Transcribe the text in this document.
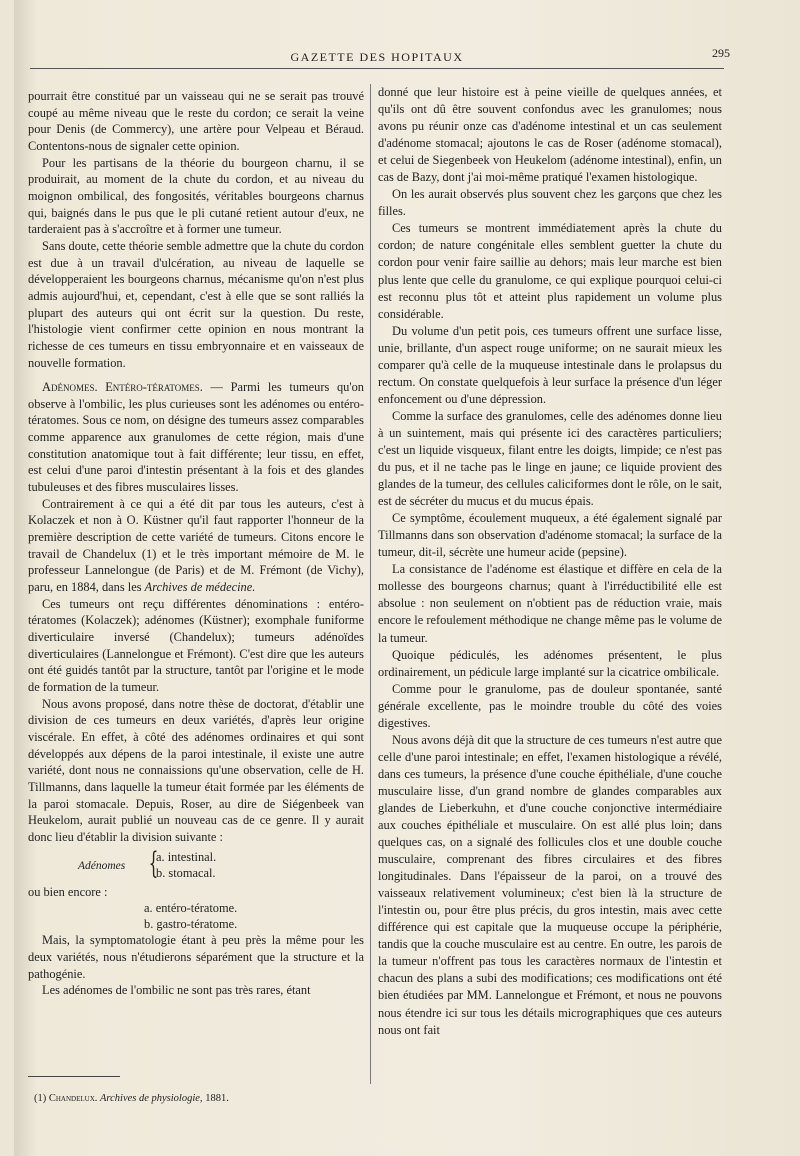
GAZETTE DES HOPITAUX	295

pourrait être constitué par un vaisseau qui ne se serait pas trouvé coupé au même niveau que le reste du cordon; ce serait la veine pour Denis (de Commercy), une artère pour Velpeau et Béraud. Contentons-nous de signaler cette opinion.

Pour les partisans de la théorie du bourgeon charnu, il se produirait, au moment de la chute du cordon, et au niveau du moignon ombilical, des fongosités, véritables bourgeons charnus qui, baignés dans le pus que le pli cutané retient autour d'eux, ne tarderaient pas à s'accroître et à former une tumeur.

Sans doute, cette théorie semble admettre que la chute du cordon est due à un travail d'ulcération, au niveau de laquelle se développeraient les bourgeons charnus, mécanisme qu'on n'est plus admis aujourd'hui, et, cependant, c'est à elle que se sont ralliés la plupart des auteurs qui ont écrit sur la question. Du reste, l'histologie vient confirmer cette opinion en nous montrant la richesse de ces tumeurs en tissu embryonnaire et en vaisseaux de nouvelle formation.

Adénomes. Entéro-tératomes. — Parmi les tumeurs qu'on observe à l'ombilic, les plus curieuses sont les adénomes ou entéro-tératomes. Sous ce nom, on désigne des tumeurs assez comparables comme apparence aux granulomes de cette région, mais d'une constitution anatomique tout à fait différente; leur tissu, en effet, est celui d'une paroi d'intestin présentant à la fois et des glandes tubuleuses et des fibres musculaires lisses.

Contrairement à ce qui a été dit par tous les auteurs, c'est à Kolaczek et non à O. Küstner qu'il faut rapporter l'honneur de la première description de cette variété de tumeurs. Citons encore le travail de Chandelux (1) et le très important mémoire de M. le professeur Lannelongue (de Paris) et de M. Frémont (de Vichy), paru, en 1884, dans les Archives de médecine.

Ces tumeurs ont reçu différentes dénominations : entéro-tératomes (Kolaczek); adénomes (Küstner); exomphale funiforme diverticulaire inversé (Chandelux); tumeurs adénoïdes diverticulaires (Lannelongue et Frémont). C'est dire que les auteurs ont été guidés tantôt par la structure, tantôt par l'origine et le mode de formation de la tumeur.

Nous avons proposé, dans notre thèse de doctorat, d'établir une division de ces tumeurs en deux variétés, d'après leur origine viscérale. En effet, à côté des adénomes ordinaires et qui sont développés aux dépens de la paroi intestinale, il existe une autre variété, dont nous ne connaissions qu'une observation, celle de H. Tillmanns, dans laquelle la tumeur était formée par les éléments de la paroi stomacale. Depuis, Roser, au dire de Siégenbeek van Heukelom, aurait publié un nouveau cas de ce genre. Il y aurait donc lieu d'établir la division suivante :

Adénomes {
a. intestinal.
b. stomacal.

ou bien encore :

a. entéro-tératome.
b. gastro-tératome.

Mais, la symptomatologie étant à peu près la même pour les deux variétés, nous n'étudierons séparément que la structure et la pathogénie.

Les adénomes de l'ombilic ne sont pas très rares, étant

donné que leur histoire est à peine vieille de quelques années, et qu'ils ont dû être souvent confondus avec les granulomes; nous avons pu réunir onze cas d'adénome intestinal et un cas seulement d'adénome stomacal; ajoutons le cas de Roser (adénome stomacal), et celui de Siegenbeek von Heukelom (adénome intestinal), enfin, un cas de Bazy, dont j'ai moi-même pratiqué l'examen histologique.

On les aurait observés plus souvent chez les garçons que chez les filles.

Ces tumeurs se montrent immédiatement après la chute du cordon; de nature congénitale elles semblent guetter la chute du cordon pour venir faire saillie au dehors; mais leur marche est bien plus lente que celle du granulome, ce qui explique pourquoi celui-ci est reconnu plus tôt et atteint plus rapidement un volume plus considérable.

Du volume d'un petit pois, ces tumeurs offrent une surface lisse, unie, brillante, d'un aspect rouge uniforme; on ne saurait mieux les comparer qu'à celle de la muqueuse intestinale dans le prolapsus du rectum. On constate quelquefois à leur surface la présence d'un léger enfoncement ou d'une dépression.

Comme la surface des granulomes, celle des adénomes donne lieu à un suintement, mais qui présente ici des caractères particuliers; c'est un liquide visqueux, filant entre les doigts, limpide; ce n'est pas du pus, et il ne tache pas le linge en jaune; ce liquide provient des glandes de la tumeur, des cellules caliciformes dont le rôle, on le sait, est de sécréter du mucus et du mucus épais.

Ce symptôme, écoulement muqueux, a été également signalé par Tillmanns dans son observation d'adénome stomacal; la surface de la tumeur, dit-il, sécrète une humeur acide (pepsine).

La consistance de l'adénome est élastique et diffère en cela de la mollesse des bourgeons charnus; quant à l'irréductibilité elle est absolue : non seulement on n'obtient pas de réduction vraie, mais encore le refoulement méthodique ne change même pas le volume de la tumeur.

Quoique pédiculés, les adénomes présentent, le plus ordinairement, un pédicule large implanté sur la cicatrice ombilicale.

Comme pour le granulome, pas de douleur spontanée, santé générale excellente, pas le moindre trouble du côté des voies digestives.

Nous avons déjà dit que la structure de ces tumeurs n'est autre que celle d'une paroi intestinale; en effet, l'examen histologique a révélé, dans ces tumeurs, la présence d'une couche épithéliale, d'une couche musculaire lisse, d'un grand nombre de glandes comparables aux glandes de Lieberkuhn, et d'une couche conjonctive intermédiaire aux couches épithéliale et musculaire. On est allé plus loin; dans quelques cas, on a signalé des follicules clos et une double couche musculaire, comprenant des fibres circulaires et des fibres longitudinales. Dans l'épaisseur de la paroi, on a trouvé des vaisseaux relativement volumineux; c'est bien là la structure de l'intestin ou, pour être plus précis, du gros intestin, mais avec cette différence qui est capitale que la muqueuse occupe la périphérie, tandis que la couche musculaire est au centre. En outre, les parois de la tumeur n'offrent pas tous les caractères normaux de l'intestin et chacun des plans a subi des modifications; ces modifications ont été bien étudiées par MM. Lannelongue et Frémont, et nous ne pouvons nous étendre ici sur tous les détails micrographiques que ces auteurs nous ont fait

(1) Chandelux. Archives de physiologie, 1881.
